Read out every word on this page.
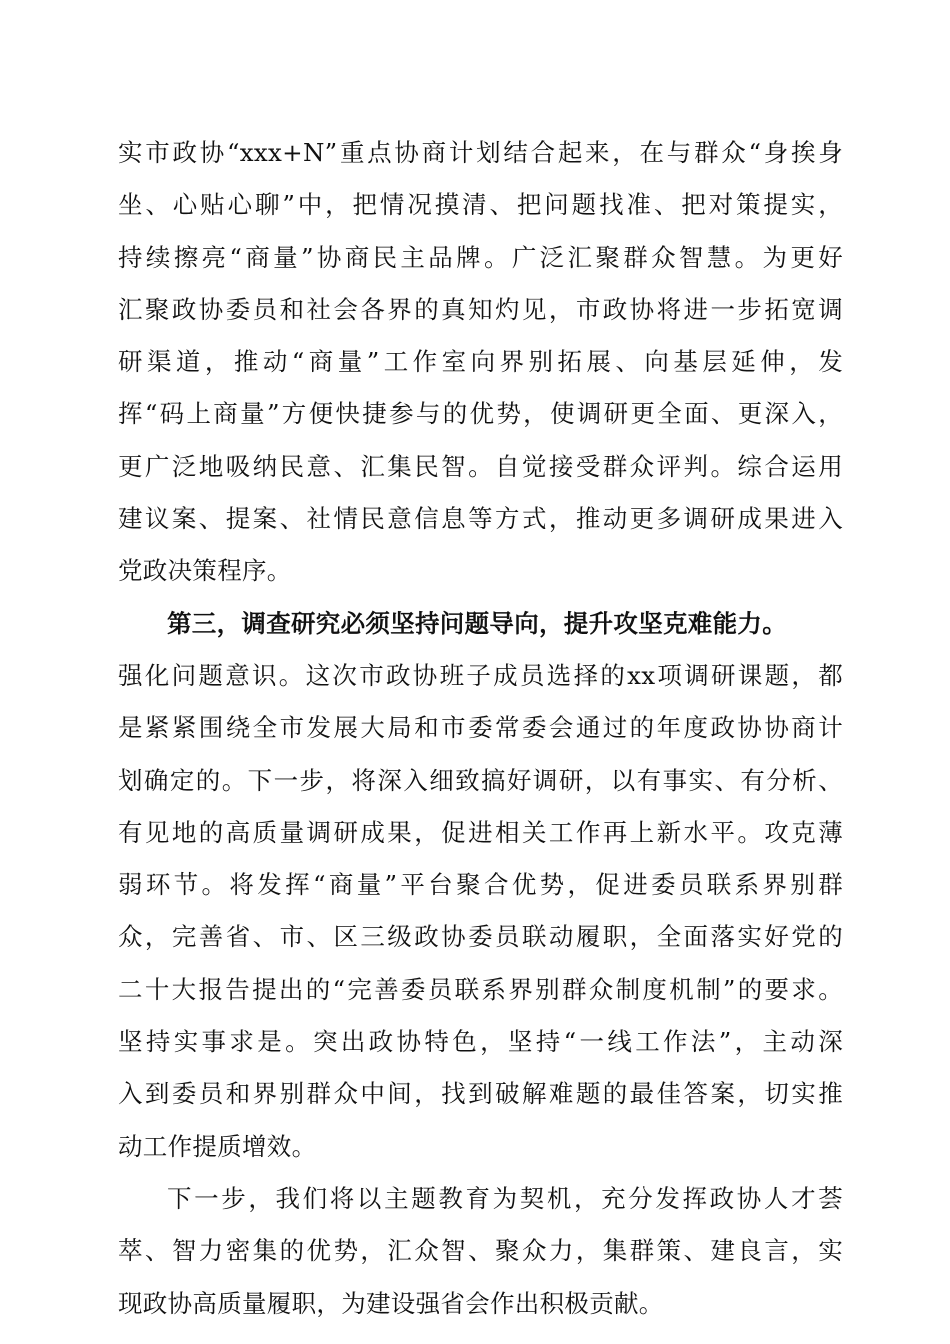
实市政协“xxx+N”重点协商计划结合起来，在与群众“身挨身
坐、心贴心聊”中，把情况摸清、把问题找准、把对策提实，
持续擦亮“商量”协商民主品牌。广泛汇聚群众智慧。为更好
汇聚政协委员和社会各界的真知灼见，市政协将进一步拓宽调
研渠道，推动“商量”工作室向界别拓展、向基层延伸，发
挥“码上商量”方便快捷参与的优势，使调研更全面、更深入，
更广泛地吸纳民意、汇集民智。自觉接受群众评判。综合运用
建议案、提案、社情民意信息等方式，推动更多调研成果进入
党政决策程序。
第三，调查研究必须坚持问题导向，提升攻坚克难能力。
强化问题意识。这次市政协班子成员选择的xx项调研课题，都
是紧紧围绕全市发展大局和市委常委会通过的年度政协协商计
划确定的。下一步，将深入细致搞好调研，以有事实、有分析、
有见地的高质量调研成果，促进相关工作再上新水平。攻克薄
弱环节。将发挥“商量”平台聚合优势，促进委员联系界别群
众，完善省、市、区三级政协委员联动履职，全面落实好党的
二十大报告提出的“完善委员联系界别群众制度机制”的要求。
坚持实事求是。突出政协特色，坚持“一线工作法”，主动深
入到委员和界别群众中间，找到破解难题的最佳答案，切实推
动工作提质增效。
下一步，我们将以主题教育为契机，充分发挥政协人才荟
萃、智力密集的优势，汇众智、聚众力，集群策、建良言，实
现政协高质量履职，为建设强省会作出积极贡献。
